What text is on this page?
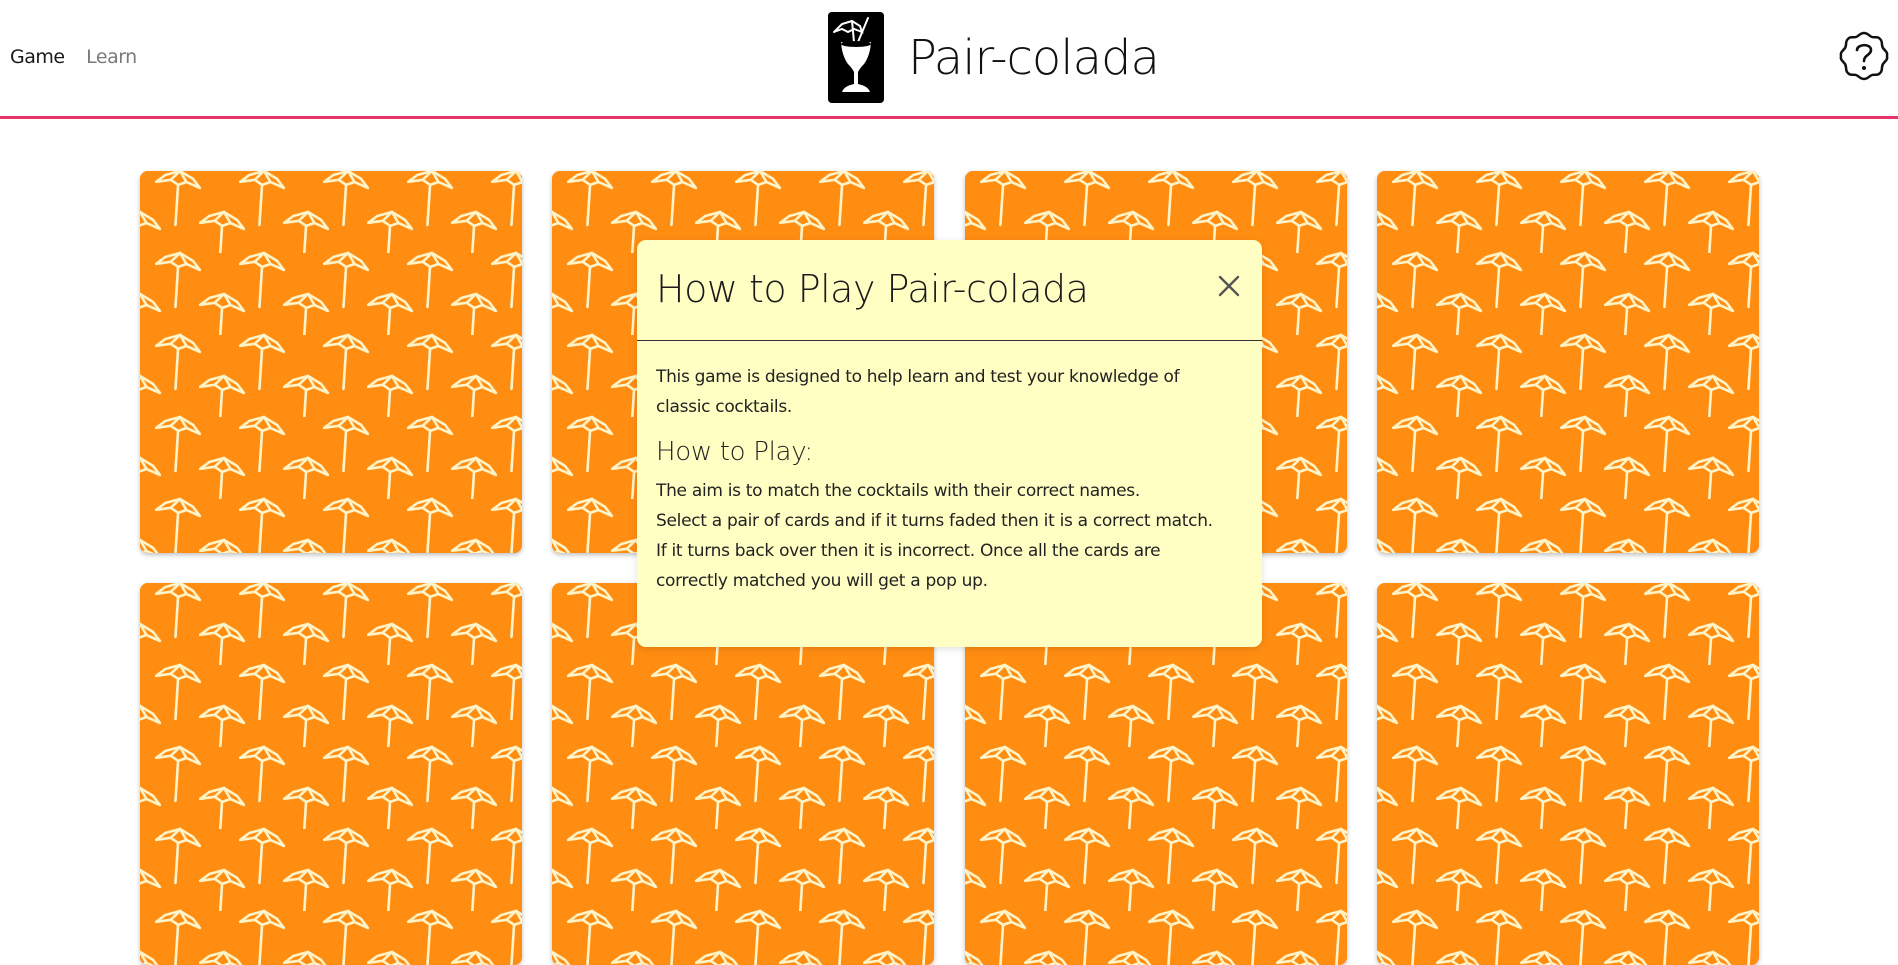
Game Learn	Pair-colada
How to Play Pair-colada

This game is designed to help learn and test your knowledge of

classic cocktails.

How to Play:

The aim is to match the cocktails with their correct names.

Select a pair of cards and if it turns faded then it is a correct match.

If it turns back over then it is incorrect. Once all the cards are

correctly matched you will get a pop up.
